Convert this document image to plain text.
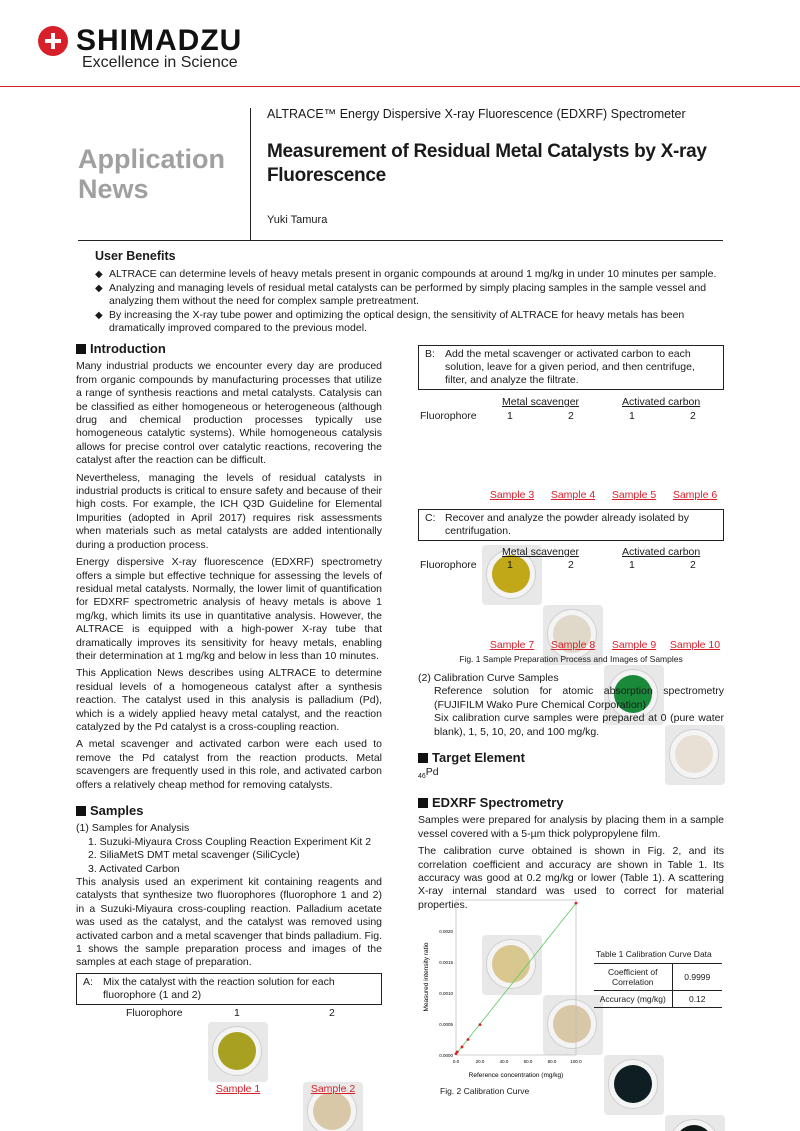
SHIMADZU
Excellence in Science
Application
News
ALTRACE™ Energy Dispersive X-ray Fluorescence (EDXRF) Spectrometer
Measurement of Residual Metal Catalysts by X-ray Fluorescence
Yuki Tamura
User Benefits
◆ ALTRACE can determine levels of heavy metals present in organic compounds at around 1 mg/kg in under 10 minutes per sample.
◆ Analyzing and managing levels of residual metal catalysts can be performed by simply placing samples in the sample vessel and analyzing them without the need for complex sample pretreatment.
◆ By increasing the X-ray tube power and optimizing the optical design, the sensitivity of ALTRACE for heavy metals has been dramatically improved compared to the previous model.
Introduction

Many industrial products we encounter every day are produced from organic compounds by manufacturing processes that utilize a range of synthesis reactions and metal catalysts. Catalysis can be classified as either homogeneous or heterogeneous (although drug and chemical production processes typically use homogeneous catalytic systems). While homogeneous catalysis allows for precise control over catalytic reactions, recovering the catalyst after the reaction can be difficult.

Nevertheless, managing the levels of residual catalysts in industrial products is critical to ensure safety and because of their high costs. For example, the ICH Q3D Guideline for Elemental Impurities (adopted in April 2017) requires risk assessments when materials such as metal catalysts are added intentionally during a production process.

Energy dispersive X-ray fluorescence (EDXRF) spectrometry offers a simple but effective technique for assessing the levels of residual metal catalysts. Normally, the lower limit of quantification for EDXRF spectrometric analysis of heavy metals is above 1 mg/kg, which limits its use in quantitative analysis. However, the ALTRACE is equipped with a high-power X-ray tube that dramatically improves its sensitivity for heavy metals, enabling their determination at 1 mg/kg and below in less than 10 minutes.

This Application News describes using ALTRACE to determine residual levels of a homogeneous catalyst after a synthesis reaction. The catalyst used in this analysis is palladium (Pd), which is a widely applied heavy metal catalyst, and the reaction catalyzed by the Pd catalyst is a cross-coupling reaction.

A metal scavenger and activated carbon were each used to remove the Pd catalyst from the reaction products. Metal scavengers are frequently used in this role, and activated carbon offers a relatively cheap method for removing catalysts.

Samples
(1) Samples for Analysis
1. Suzuki-Miyaura Cross Coupling Reaction Experiment Kit 2
2. SiliaMetS DMT metal scavenger (SiliCycle)
3. Activated Carbon

This analysis used an experiment kit containing reagents and catalysts that synthesize two fluorophores (fluorophore 1 and 2) in a Suzuki-Miyaura cross-coupling reaction. Palladium acetate was used as the catalyst, and the catalyst was removed using activated carbon and a metal scavenger that binds palladium. Fig. 1 shows the sample preparation process and images of the samples at each stage of preparation.

A: Mix the catalyst with the reaction solution for each fluorophore (1 and 2)
Fluorophore	1	2
Sample 1	Sample 2
B: Add the metal scavenger or activated carbon to each solution, leave for a given period, and then centrifuge, filter, and analyze the filtrate.
Metal scavenger	Activated carbon
Fluorophore	1	2	1	2
Sample 3	Sample 4	Sample 5	Sample 6
C: Recover and analyze the powder already isolated by centrifugation.
Metal scavenger	Activated carbon
Fluorophore	1	2	1	2
Sample 7	Sample 8	Sample 9	Sample 10
Fig. 1 Sample Preparation Process and Images of Samples
(2) Calibration Curve Samples
Reference solution for atomic absorption spectrometry (FUJIFILM Wako Pure Chemical Corporation)
Six calibration curve samples were prepared at 0 (pure water blank), 1, 5, 10, 20, and 100 mg/kg.
Target Element
$_{46}$Pd
EDXRF Spectrometry

Samples were prepared for analysis by placing them in a sample vessel covered with a 5-µm thick polypropylene film.

The calibration curve obtained is shown in Fig. 2, and its correlation coefficient and accuracy are shown in Table 1. Its accuracy was good at 0.2 mg/kg or lower (Table 1). A scattering X-ray internal standard was used to correct for material properties.

0.0000
0.0005
0.0010
0.0015
0.0020
0.0	20.0	40.0	60.0	80.0	100.0
Reference concentration (mg/kg)
Measured intensity ratio
Fig. 2 Calibration Curve
Table 1 Calibration Curve Data
Coefficient of Correlation	0.9999
Accuracy (mg/kg)	0.12
